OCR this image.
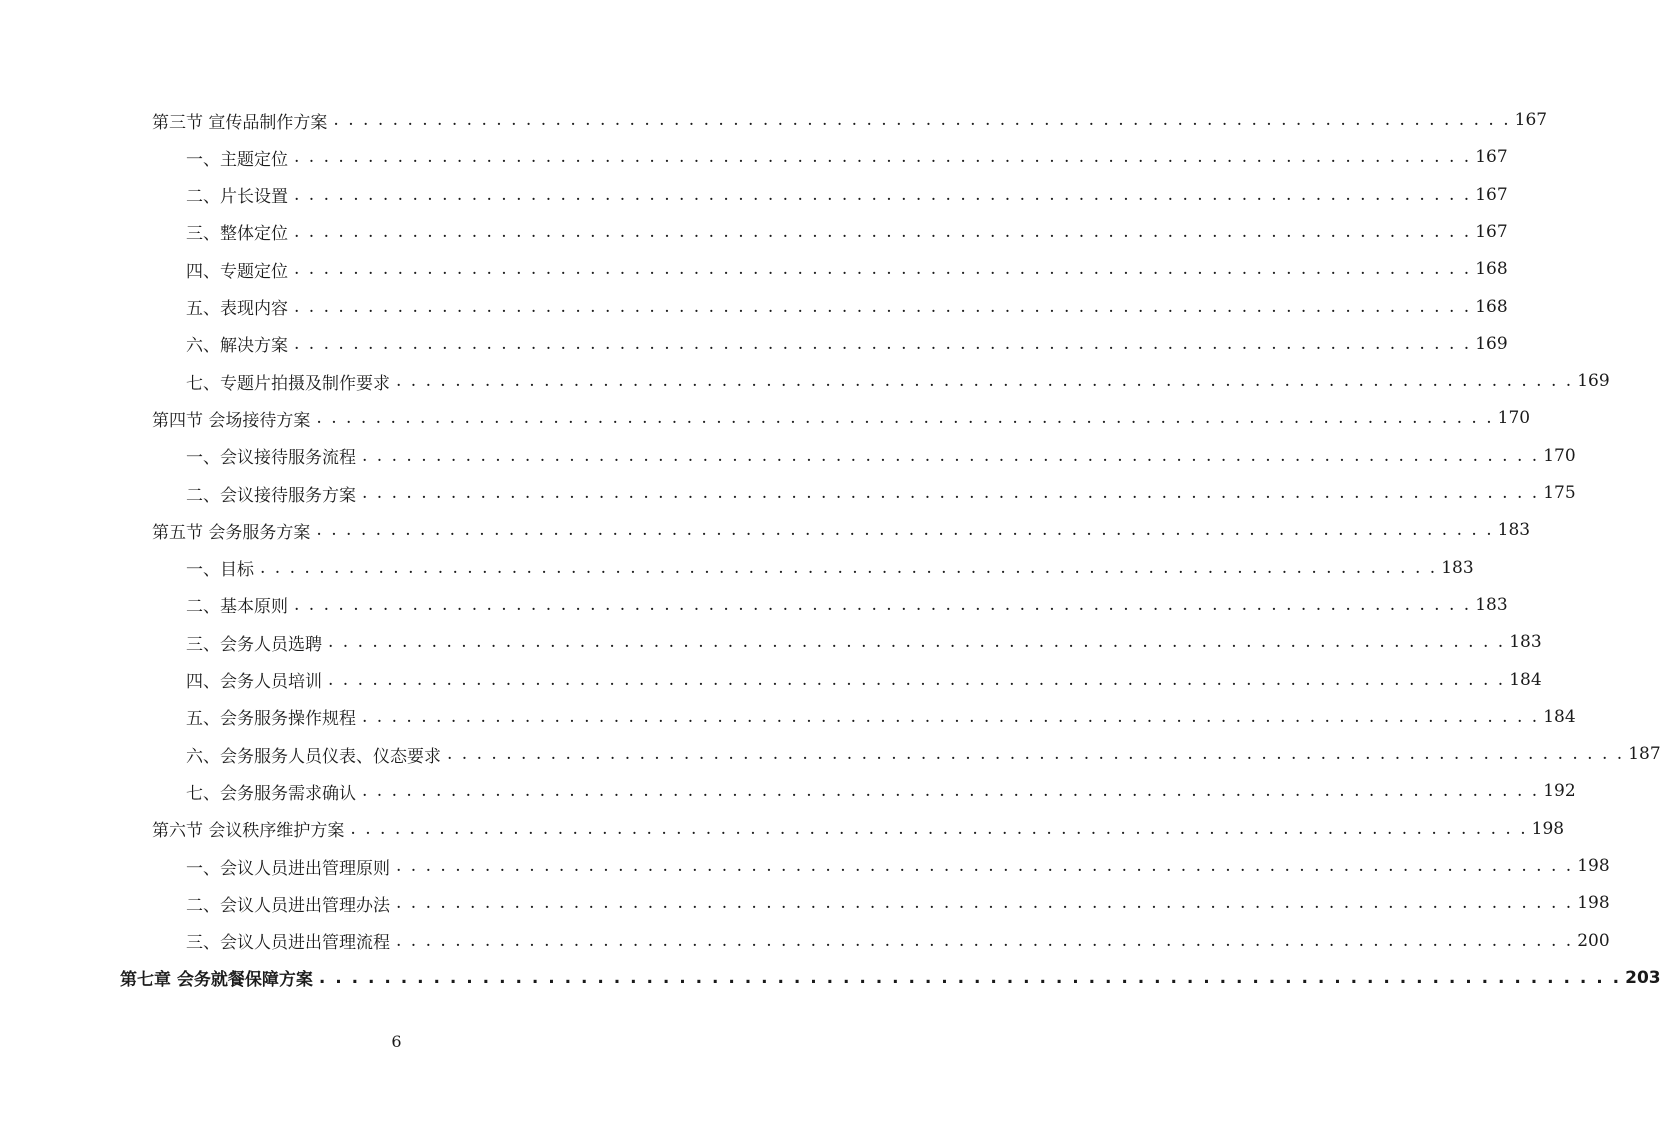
第三节 宣传品制作方案 . . . . . . . . . . . . . . . . . . . . . . . . . . . . . . . . . . . . . . . . . . . . . . . . . . . . . . . . . . . . . . . . . . . . . . . . . . . . . . . . 167
一、主题定位 . . . . . . . . . . . . . . . . . . . . . . . . . . . . . . . . . . . . . . . . . . . . . . . . . . . . . . . . . . . . . . . . . . . . . . . . . . . . . . . . 167
二、片长设置 . . . . . . . . . . . . . . . . . . . . . . . . . . . . . . . . . . . . . . . . . . . . . . . . . . . . . . . . . . . . . . . . . . . . . . . . . . . . . . . . 167
三、整体定位 . . . . . . . . . . . . . . . . . . . . . . . . . . . . . . . . . . . . . . . . . . . . . . . . . . . . . . . . . . . . . . . . . . . . . . . . . . . . . . . . 167
四、专题定位 . . . . . . . . . . . . . . . . . . . . . . . . . . . . . . . . . . . . . . . . . . . . . . . . . . . . . . . . . . . . . . . . . . . . . . . . . . . . . . . . 168
五、表现内容 . . . . . . . . . . . . . . . . . . . . . . . . . . . . . . . . . . . . . . . . . . . . . . . . . . . . . . . . . . . . . . . . . . . . . . . . . . . . . . . . 168
六、解决方案 . . . . . . . . . . . . . . . . . . . . . . . . . . . . . . . . . . . . . . . . . . . . . . . . . . . . . . . . . . . . . . . . . . . . . . . . . . . . . . . . 169
七、专题片拍摄及制作要求 . . . . . . . . . . . . . . . . . . . . . . . . . . . . . . . . . . . . . . . . . . . . . . . . . . . . . . . . . . . . . . . . . . . . . . . . . . . . . . . . 169
第四节 会场接待方案 . . . . . . . . . . . . . . . . . . . . . . . . . . . . . . . . . . . . . . . . . . . . . . . . . . . . . . . . . . . . . . . . . . . . . . . . . . . . . . . . 170
一、会议接待服务流程 . . . . . . . . . . . . . . . . . . . . . . . . . . . . . . . . . . . . . . . . . . . . . . . . . . . . . . . . . . . . . . . . . . . . . . . . . . . . . . . . 170
二、会议接待服务方案 . . . . . . . . . . . . . . . . . . . . . . . . . . . . . . . . . . . . . . . . . . . . . . . . . . . . . . . . . . . . . . . . . . . . . . . . . . . . . . . . 175
第五节 会务服务方案 . . . . . . . . . . . . . . . . . . . . . . . . . . . . . . . . . . . . . . . . . . . . . . . . . . . . . . . . . . . . . . . . . . . . . . . . . . . . . . . . 183
一、目标 . . . . . . . . . . . . . . . . . . . . . . . . . . . . . . . . . . . . . . . . . . . . . . . . . . . . . . . . . . . . . . . . . . . . . . . . . . . . . . . . 183
二、基本原则 . . . . . . . . . . . . . . . . . . . . . . . . . . . . . . . . . . . . . . . . . . . . . . . . . . . . . . . . . . . . . . . . . . . . . . . . . . . . . . . . 183
三、会务人员选聘 . . . . . . . . . . . . . . . . . . . . . . . . . . . . . . . . . . . . . . . . . . . . . . . . . . . . . . . . . . . . . . . . . . . . . . . . . . . . . . . . 183
四、会务人员培训 . . . . . . . . . . . . . . . . . . . . . . . . . . . . . . . . . . . . . . . . . . . . . . . . . . . . . . . . . . . . . . . . . . . . . . . . . . . . . . . . 184
五、会务服务操作规程 . . . . . . . . . . . . . . . . . . . . . . . . . . . . . . . . . . . . . . . . . . . . . . . . . . . . . . . . . . . . . . . . . . . . . . . . . . . . . . . . 184
六、会务服务人员仪表、仪态要求 . . . . . . . . . . . . . . . . . . . . . . . . . . . . . . . . . . . . . . . . . . . . . . . . . . . . . . . . . . . . . . . . . . . . . . . . . . . . . . . . 187
七、会务服务需求确认 . . . . . . . . . . . . . . . . . . . . . . . . . . . . . . . . . . . . . . . . . . . . . . . . . . . . . . . . . . . . . . . . . . . . . . . . . . . . . . . . 192
第六节 会议秩序维护方案 . . . . . . . . . . . . . . . . . . . . . . . . . . . . . . . . . . . . . . . . . . . . . . . . . . . . . . . . . . . . . . . . . . . . . . . . . . . . . . . . 198
一、会议人员进出管理原则 . . . . . . . . . . . . . . . . . . . . . . . . . . . . . . . . . . . . . . . . . . . . . . . . . . . . . . . . . . . . . . . . . . . . . . . . . . . . . . . . 198
二、会议人员进出管理办法 . . . . . . . . . . . . . . . . . . . . . . . . . . . . . . . . . . . . . . . . . . . . . . . . . . . . . . . . . . . . . . . . . . . . . . . . . . . . . . . . 198
三、会议人员进出管理流程 . . . . . . . . . . . . . . . . . . . . . . . . . . . . . . . . . . . . . . . . . . . . . . . . . . . . . . . . . . . . . . . . . . . . . . . . . . . . . . . . 200
第七章 会务就餐保障方案 . . . . . . . . . . . . . . . . . . . . . . . . . . . . . . . . . . . . . . . . . . . . . . . . . . . . . . . . . . . . . . . . . . . . . . . . . . . . . . . . 203
6
